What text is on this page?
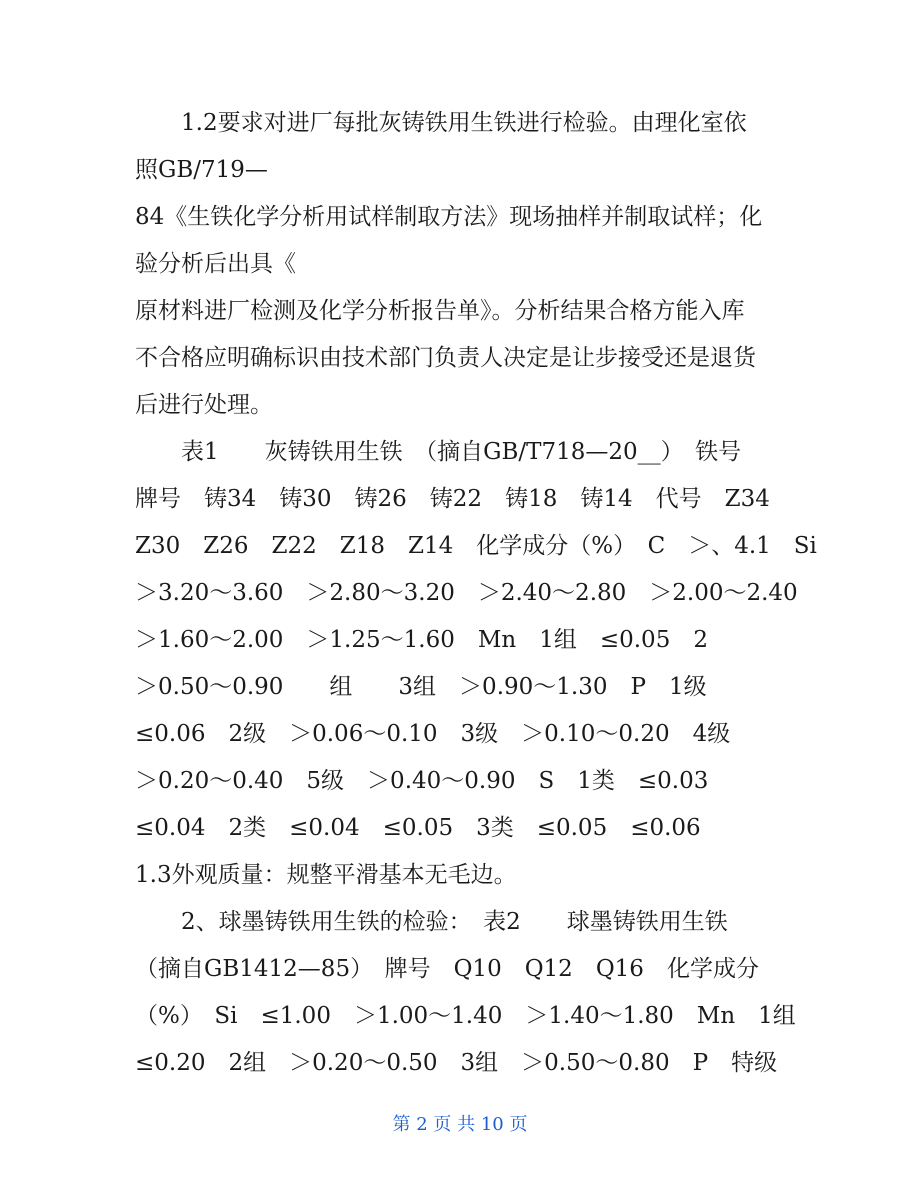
1.2要求对进厂每批灰铸铁用生铁进行检验。由理化室依
照GB/719—
84《生铁化学分析用试样制取方法》现场抽样并制取试样；化
验分析后出具《
原材料进厂检测及化学分析报告单》。分析结果合格方能入库
不合格应明确标识由技术部门负责人决定是让步接受还是退货
后进行处理。
表1　　灰铸铁用生铁　（摘自GB/T718—20__）　铁号
牌号　铸34　铸30　铸26　铸22　铸18　铸14　代号　Z34
Z30　Z26　Z22　Z18　Z14　化学成分（%）　C　＞、4.1　Si
＞3.20～3.60　＞2.80～3.20　＞2.40～2.80　＞2.00～2.40
＞1.60～2.00　＞1.25～1.60　Mn　1组　≤0.05　2
＞0.50～0.90　　组　　3组　＞0.90～1.30　P　1级
≤0.06　2级　＞0.06～0.10　3级　＞0.10～0.20　4级
＞0.20～0.40　5级　＞0.40～0.90　S　1类　≤0.03
≤0.04　2类　≤0.04　≤0.05　3类　≤0.05　≤0.06
1.3外观质量：规整平滑基本无毛边。
2、球墨铸铁用生铁的检验：　表2　　球墨铸铁用生铁
（摘自GB1412—85）　牌号　Q10　Q12　Q16　化学成分
（%）　Si　≤1.00　＞1.00～1.40　＞1.40～1.80　Mn　1组
≤0.20　2组　＞0.20～0.50　3组　＞0.50～0.80　P　特级
第 2 页 共 10 页
